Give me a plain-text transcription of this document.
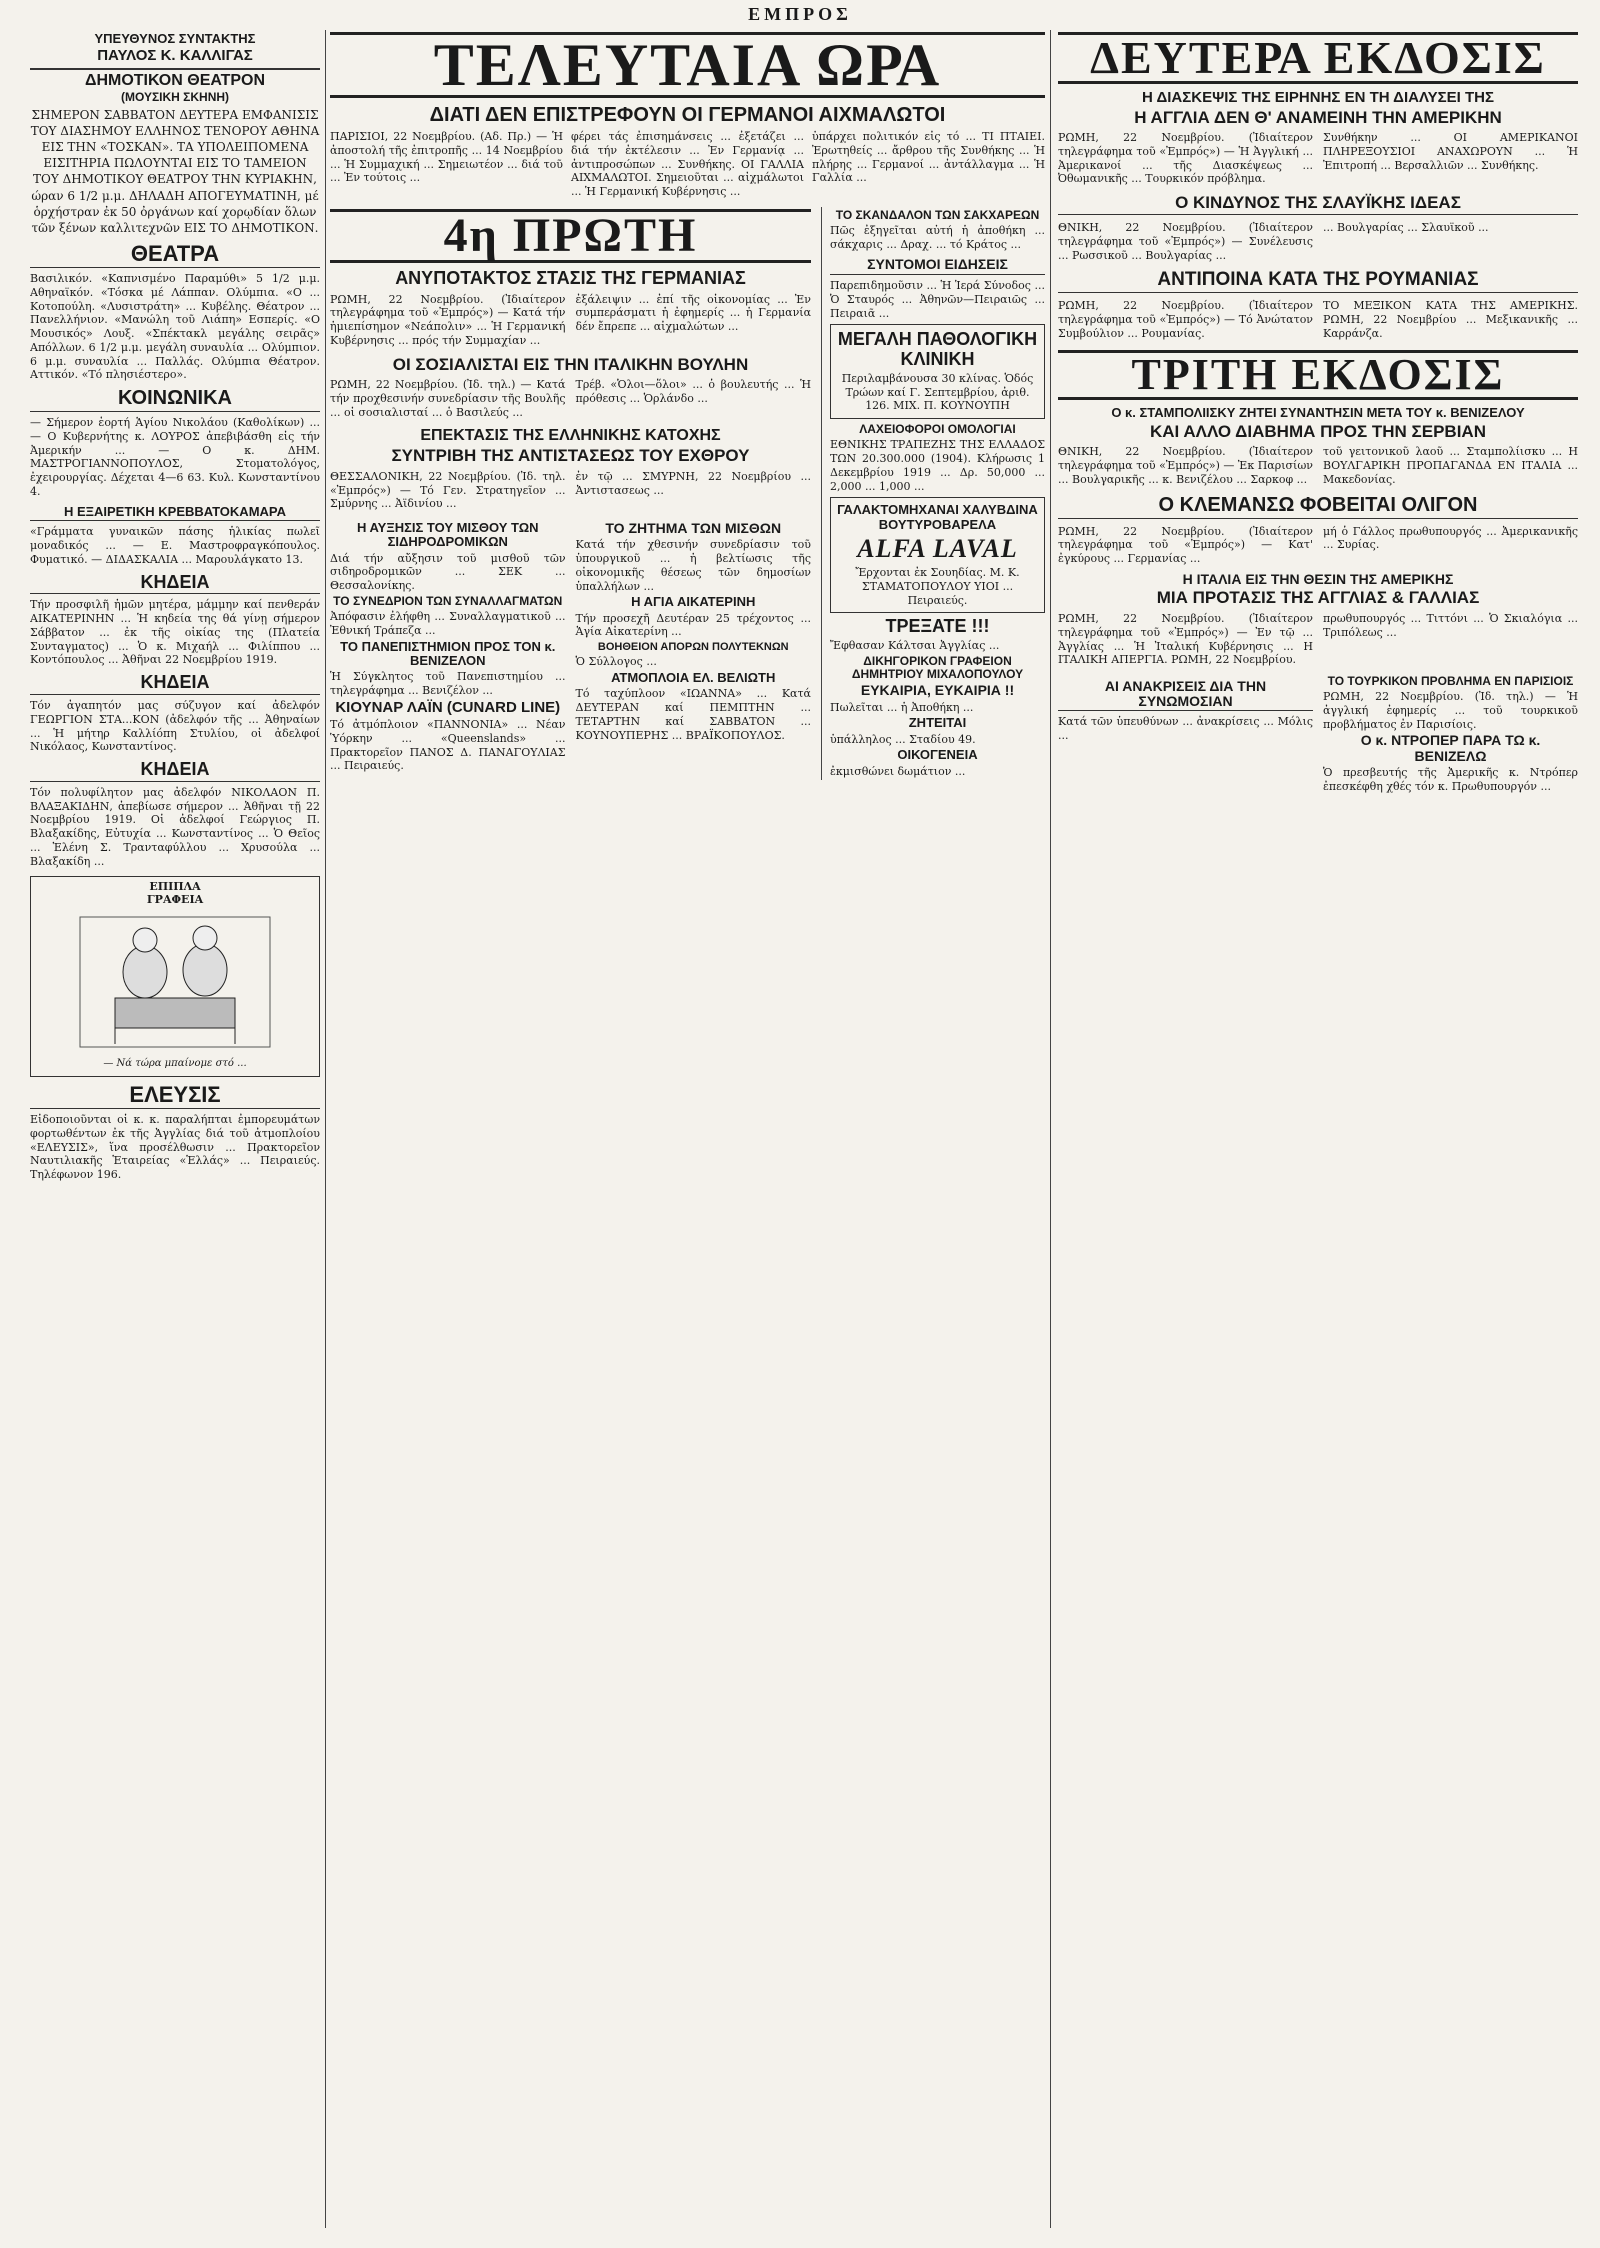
ΕΜΠΡΟΣ
ΥΠΕΥΘΥΝΟΣ ΣΥΝΤΑΚΤΗΣ
ΠΑΥΛΟΣ Κ. ΚΑΛΛΙΓΑΣ
ΔΗΜΟΤΙΚΟΝ ΘΕΑΤΡΟΝ
(ΜΟΥΣΙΚΗ ΣΚΗΝΗ)
ΣΗΜΕΡΟΝ ΣΑΒΒΑΤΟΝ ΔΕΥΤΕΡΑ ΕΜΦΑΝΙΣΙΣ ΤΟΥ ΔΙΑΣΗΜΟΥ ΕΛΛΗΝΟΣ ΤΕΝΟΡΟΥ ΑΘΗΝΑ ΕΙΣ ΤΗΝ «ΤΟΣΚΑΝ». ΤΑ ΥΠΟΛΕΙΠΟΜΕΝΑ ΕΙΣΙΤΗΡΙΑ ΠΩΛΟΥΝΤΑΙ ΕΙΣ ΤΟ ΤΑΜΕΙΟΝ ΤΟΥ ΔΗΜΟΤΙΚΟΥ ΘΕΑΤΡΟΥ ΤΗΝ ΚΥΡΙΑΚΗΝ, ώραν 6 1/2 μ.μ. ΔΗΛΑΔΗ ΑΠΟΓΕΥΜΑΤΙΝΗ, μέ ὁρχήστραν ἐκ 50 ὀργάνων καί χορῳδίαν ὅλων τῶν ξένων καλλιτεχνῶν ΕΙΣ ΤΟ ΔΗΜΟΤΙΚΟΝ.
ΘΕΑΤΡΑ
Βασιλικόν. «Καπνισμένο Παραμύθι» 5 1/2 μ.μ. Αθηναϊκόν. «Τόσκα μέ Λάππαν. Ολύμπια. «Ο ... Κοτοπούλη. «Λυσιστράτη» ... Κυβέλης. Θέατρον ... Πανελλήνιον. «Μανώλη τοῦ Λιάπη» Εσπερίς. «Ο Μουσικός» Λουξ. «Σπέκτακλ μεγάλης σειρᾶς» Απόλλων. 6 1/2 μ.μ. μεγάλη συναυλία ... Ολύμπιον. 6 μ.μ. συναυλία ... Παλλάς. Ολύμπια Θέατρον. Αττικόν. «Τό πλησιέστερο».
ΚΟΙΝΩΝΙΚΑ
— Σήμερον ἑορτή Ἁγίου Νικολάου (Καθολίκων) ... — Ο Κυβερνήτης κ. ΛΟΥΡΟΣ ἀπεβιβάσθη εἰς τήν Ἀμερικήν ... — Ο κ. ΔΗΜ. ΜΑΣΤΡΟΓΙΑΝΝΟΠΟΥΛΟΣ, Στοματολόγος, ἐχειρουργίας. Δέχεται 4—6 63. Κυλ. Κωνσταντίνου 4.
Η ΕΞΑΙΡΕΤΙΚΗ ΚΡΕΒΒΑΤΟΚΑΜΑΡΑ
«Γράμματα γυναικῶν πάσης ἡλικίας πωλεῖ μοναδικός ... — Ε. Μαστροφραγκόπουλος. Φυματικό. — ΔΙΔΑΣΚΑΛΙΑ ... Μαρουλάγκατο 13.
ΚΗΔΕΙΑ
Τήν προσφιλῆ ἡμῶν μητέρα, μάμμην καί πενθεράν ΑΙΚΑΤΕΡΙΝΗΝ ... Ἡ κηδεία της θά γίνῃ σήμερον Σάββατον ... ἐκ τῆς οἰκίας της (Πλατεία Συνταγματος) ... Ὁ κ. Μιχαήλ ... Φιλίππου ... Κοντόπουλος ... Ἀθῆναι 22 Νοεμβρίου 1919.
ΚΗΔΕΙΑ
Τόν ἀγαπητόν μας σύζυγον καί ἀδελφόν ΓΕΩΡΓΙΟΝ ΣΤΑ...ΚΟΝ (ἀδελφόν τῆς ... Ἀθηναίων ... Ἡ μήτηρ Καλλίόπη Στυλίου, οἱ ἀδελφοί Νικόλαος, Κωνσταντίνος.
ΚΗΔΕΙΑ
Τόν πολυφίλητον μας ἀδελφόν ΝΙΚΟΛΑΟΝ Π. ΒΛΑΞΑΚΙΔΗΝ, ἀπεβίωσε σήμερον ... Ἀθῆναι τῇ 22 Νοεμβρίου 1919. Οἱ ἀδελφοί Γεώργιος Π. Βλαξακίδης, Εὐτυχία ... Κωνσταντίνος ... Ὁ Θεῖος ... Ἑλένη Σ. Τρανταφύλλου ... Χρυσούλα ... Βλαξακίδη ...
ΕΠΙΠΛΑ
ΓΡΑΦΕΙΑ
— Νά τώρα μπαίνομε στό ...
ΕΛΕΥΣΙΣ
Εἰδοποιοῦνται οἱ κ. κ. παραλήπται ἐμπορευμάτων φορτωθέντων ἐκ τῆς Ἀγγλίας διά τοῦ ἀτμοπλοίου «ΕΛΕΥΣΙΣ», ἵνα προσέλθωσιν ... Πρακτορεῖον Ναυτιλιακῆς Ἑταιρείας «Ἑλλάς» ... Πειραιεύς. Τηλέφωνον 196.
ΤΕΛΕΥΤΑΙΑ ΩΡΑ
ΔΙΑΤΙ ΔΕΝ ΕΠΙΣΤΡΕΦΟΥΝ ΟΙ ΓΕΡΜΑΝΟΙ ΑΙΧΜΑΛΩΤΟΙ
ΠΑΡΙΣΙΟΙ, 22 Νοεμβρίου. (Αδ. Πρ.) — Ἡ ἀποστολή τῆς ἐπιτροπῆς ... 14 Νοεμβρίου ... Ἡ Συμμαχική ... Σημειωτέον ... διά τοῦ ... Ἐν τούτοις ...
φέρει τάς ἐπισημάνσεις ... ἐξετάζει ... διά τήν ἐκτέλεσιν ... Ἐν Γερμανίᾳ ... ἀντιπροσώπων ... Συνθήκης. ΟΙ ΓΑΛΛΙΑ ΑΙΧΜΑΛΩΤΟΙ. Σημειοῦται ... αἰχμάλωτοι ... Ἡ Γερμανική Κυβέρνησις ...
ὑπάρχει πολιτικόν εἰς τό ... ΤΙ ΠΤΑΙΕΙ. Ἐρωτηθείς ... ἄρθρου τῆς Συνθήκης ... Ἡ πλήρης ... Γερμανοί ... ἀντάλλαγμα ... Ἡ Γαλλία ...
4η ΠΡΩΤΗ
ΑΝΥΠΟΤΑΚΤΟΣ ΣΤΑΣΙΣ ΤΗΣ ΓΕΡΜΑΝΙΑΣ
ΡΩΜΗ, 22 Νοεμβρίου. (Ἰδιαίτερον τηλεγράφημα τοῦ «Ἐμπρός») — Κατά τήν ἡμιεπίσημον «Νεάπολιν» ... Ἡ Γερμανική Κυβέρνησις ... πρός τήν Συμμαχίαν ...
ἐξάλειψιν ... ἐπί τῆς οἰκονομίας ... Ἐν συμπεράσματι ἡ ἐφημερίς ... ἡ Γερμανία δέν ἔπρεπε ... αἰχμαλώτων ...
ΟΙ ΣΟΣΙΑΛΙΣΤΑΙ ΕΙΣ ΤΗΝ ΙΤΑΛΙΚΗΝ ΒΟΥΛΗΝ
ΡΩΜΗ, 22 Νοεμβρίου. (Ἰδ. τηλ.) — Κατά τήν προχθεσινήν συνεδρίασιν τῆς Βουλῆς ... οἱ σοσιαλισταί ... ὁ Βασιλεύς ...
Τρέβ. «Ὁλοι—ὅλοι» ... ὁ βουλευτής ... Ἡ πρόθεσις ... Ὁρλάνδο ...
ΕΠΕΚΤΑΣΙΣ ΤΗΣ ΕΛΛΗΝΙΚΗΣ ΚΑΤΟΧΗΣ
ΣΥΝΤΡΙΒΗ ΤΗΣ ΑΝΤΙΣΤΑΣΕΩΣ ΤΟΥ ΕΧΘΡΟΥ
ΘΕΣΣΑΛΟΝΙΚΗ, 22 Νοεμβρίου. (Ἰδ. τηλ. «Ἐμπρός») — Τό Γεν. Στρατηγεῖον ... Σμύρνης ... Ἀϊδινίου ...
ἐν τῷ ... ΣΜΥΡΝΗ, 22 Νοεμβρίου ... Ἀντιστασεως ...
Η ΑΥΞΗΣΙΣ ΤΟΥ ΜΙΣΘΟΥ ΤΩΝ ΣΙΔΗΡΟΔΡΟΜΙΚΩΝ
Διά τήν αὔξησιν τοῦ μισθοῦ τῶν σιδηροδρομικῶν ... ΣΕΚ ... Θεσσαλονίκης.
ΤΟ ΣΥΝΕΔΡΙΟΝ ΤΩΝ ΣΥΝΑΛΛΑΓΜΑΤΩΝ
Ἀπόφασιν ἐλήφθη ... Συναλλαγματικοῦ ... Ἐθνική Τράπεζα ...
ΤΟ ΠΑΝΕΠΙΣΤΗΜΙΟΝ ΠΡΟΣ ΤΟΝ κ. ΒΕΝΙΖΕΛΟΝ
Ἡ Σύγκλητος τοῦ Πανεπιστημίου ... τηλεγράφημα ... Βενιζέλον ...
ΚΙΟΥΝΑΡ ΛΑΪΝ (CUNARD LINE)
Τό ἀτμόπλοιον «ΠΑΝΝΟΝΙΑ» ... Νέαν Ὑόρκην ... «Queenslands» ... Πρακτορεῖον ΠΑΝΟΣ Δ. ΠΑΝΑΓΟΥΛΙΑΣ ... Πειραιεύς.
ΤΟ ΖΗΤΗΜΑ ΤΩΝ ΜΙΣΘΩΝ
Κατά τήν χθεσινήν συνεδρίασιν τοῦ ὑπουργικοῦ ... ἡ βελτίωσις τῆς οἰκονομικῆς θέσεως τῶν δημοσίων ὑπαλλήλων ...
Η ΑΓΙΑ ΑΙΚΑΤΕΡΙΝΗ
Τήν προσεχῆ Δευτέραν 25 τρέχοντος ... Ἁγία Αἰκατερίνη ...
ΒΟΗΘΕΙΟΝ ΑΠΟΡΩΝ ΠΟΛΥΤΕΚΝΩΝ
Ὁ Σύλλογος ...
ΑΤΜΟΠΛΟΙΑ ΕΛ. ΒΕΛΙΩΤΗ
Τό ταχύπλοον «ΙΩΑΝΝΑ» ... Κατά ΔΕΥΤΕΡΑΝ καί ΠΕΜΠΤΗΝ ... ΤΕΤΑΡΤΗΝ καί ΣΑΒΒΑΤΟΝ ... ΚΟΥΝΟΥΠΕΡΗΣ ... ΒΡΑΪΚΟΠΟΥΛΟΣ.
ΤΟ ΣΚΑΝΔΑΛΟΝ ΤΩΝ ΣΑΚΧΑΡΕΩΝ
Πῶς ἐξηγεῖται αὐτή ἡ ἀποθήκη ... σάκχαρις ... Δραχ. ... τό Κράτος ...
ΣΥΝΤΟΜΟΙ ΕΙΔΗΣΕΙΣ
Παρεπιδημοῦσιν ... Ἡ Ἱερά Σύνοδος ... Ὁ Σταυρός ... Ἀθηνῶν—Πειραιῶς ... Πειραιᾶ ...
ΜΕΓΑΛΗ ΠΑΘΟΛΟΓΙΚΗ ΚΛΙΝΙΚΗ
Περιλαμβάνουσα 30 κλίνας. Ὁδός Τρώων καί Γ. Σεπτεμβρίου, ἀριθ. 126. ΜΙΧ. Π. ΚΟΥΝΟΥΠΗ
ΛΑΧΕΙΟΦΟΡΟΙ ΟΜΟΛΟΓΙΑΙ
ΕΘΝΙΚΗΣ ΤΡΑΠΕΖΗΣ ΤΗΣ ΕΛΛΑΔΟΣ ΤΩΝ 20.300.000 (1904). Κλήρωσις 1 Δεκεμβρίου 1919 ... Δρ. 50,000 ... 2,000 ... 1,000 ...
ΓΑΛΑΚΤΟΜΗΧΑΝΑΙ ΧΑΛΥΒΔΙΝΑ ΒΟΥΤΥΡΟΒΑΡΕΛΑ
ALFA LAVAL
Ἔρχονται ἐκ Σουηδίας. Μ. Κ. ΣΤΑΜΑΤΟΠΟΥΛΟΥ ΥΙΟΙ ... Πειραιεύς.
ΤΡΕΞΑΤΕ !!!
Ἔφθασαν Κάλτσαι Ἀγγλίας ...
ΔΙΚΗΓΟΡΙΚΟΝ ΓΡΑΦΕΙΟΝ ΔΗΜΗΤΡΙΟΥ ΜΙΧΑΛΟΠΟΥΛΟΥ
ΕΥΚΑΙΡΙΑ, ΕΥΚΑΙΡΙΑ !!
Πωλεῖται ... ἡ Ἀποθήκη ...
ΖΗΤΕΙΤΑΙ
ὑπάλληλος ... Σταδίου 49.
ΟΙΚΟΓΕΝΕΙΑ
ἐκμισθώνει δωμάτιον ...
ΔΕΥΤΕΡΑ ΕΚΔΟΣΙΣ
Η ΔΙΑΣΚΕΨΙΣ ΤΗΣ ΕΙΡΗΝΗΣ ΕΝ ΤΗ ΔΙΑΛΥΣΕΙ ΤΗΣ
Η ΑΓΓΛΙΑ ΔΕΝ Θ' ΑΝΑΜΕΙΝΗ ΤΗΝ ΑΜΕΡΙΚΗΝ
ΡΩΜΗ, 22 Νοεμβρίου. (Ἰδιαίτερον τηλεγράφημα τοῦ «Ἐμπρός») — Ἡ Ἀγγλική ... Ἀμερικανοί ... τῆς Διασκέψεως ... Ὀθωμανικῆς ... Τουρκικόν πρόβλημα.
Συνθήκην ... ΟΙ ΑΜΕΡΙΚΑΝΟΙ ΠΛΗΡΕΞΟΥΣΙΟΙ ΑΝΑΧΩΡΟΥΝ ... Ἡ Ἐπιτροπή ... Βερσαλλιῶν ... Συνθήκης.
Ο ΚΙΝΔΥΝΟΣ ΤΗΣ ΣΛΑΥΪΚΗΣ ΙΔΕΑΣ
ΘΝΙΚΗ, 22 Νοεμβρίου. (Ἰδιαίτερον τηλεγράφημα τοῦ «Ἐμπρός») — Συνέλευσις ... Ρωσσικοῦ ... Βουλγαρίας ...
... Βουλγαρίας ... Σλαυϊκοῦ ...
ΑΝΤΙΠΟΙΝΑ ΚΑΤΑ ΤΗΣ ΡΟΥΜΑΝΙΑΣ
ΡΩΜΗ, 22 Νοεμβρίου. (Ἰδιαίτερον τηλεγράφημα τοῦ «Ἐμπρός») — Τό Ἀνώτατον Συμβούλιον ... Ρουμανίας.
ΤΟ ΜΕΞΙΚΟΝ ΚΑΤΑ ΤΗΣ ΑΜΕΡΙΚΗΣ. ΡΩΜΗ, 22 Νοεμβρίου ... Μεξικανικῆς ... Καρράνζα.
ΤΡΙΤΗ ΕΚΔΟΣΙΣ
Ο κ. ΣΤΑΜΠΟΛΙΙΣΚΥ ΖΗΤΕΙ ΣΥΝΑΝΤΗΣΙΝ ΜΕΤΑ ΤΟΥ κ. ΒΕΝΙΖΕΛΟΥ
ΚΑΙ ΑΛΛΟ ΔΙΑΒΗΜΑ ΠΡΟΣ ΤΗΝ ΣΕΡΒΙΑΝ
ΘΝΙΚΗ, 22 Νοεμβρίου. (Ἰδιαίτερον τηλεγράφημα τοῦ «Ἐμπρός») — Ἐκ Παρισίων ... Βουλγαρικῆς ... κ. Βενιζέλου ... Σαρκοφ ...
τοῦ γειτονικοῦ λαοῦ ... Σταμπολίισκυ ... Η ΒΟΥΛΓΑΡΙΚΗ ΠΡΟΠΑΓΑΝΔΑ ΕΝ ΙΤΑΛΙΑ ... Μακεδονίας.
Ο ΚΛΕΜΑΝΣΩ ΦΟΒΕΙΤΑΙ ΟΛΙΓΟΝ
ΡΩΜΗ, 22 Νοεμβρίου. (Ἰδιαίτερον τηλεγράφημα τοῦ «Ἐμπρός») — Κατ' ἐγκύρους ... Γερμανίας ...
μή ὁ Γάλλος πρωθυπουργός ... Ἀμερικανικῆς ... Συρίας.
Η ΙΤΑΛΙΑ ΕΙΣ ΤΗΝ ΘΕΣΙΝ ΤΗΣ ΑΜΕΡΙΚΗΣ
ΜΙΑ ΠΡΟΤΑΣΙΣ ΤΗΣ ΑΓΓΛΙΑΣ & ΓΑΛΛΙΑΣ
ΡΩΜΗ, 22 Νοεμβρίου. (Ἰδιαίτερον τηλεγράφημα τοῦ «Ἐμπρός») — Ἐν τῷ ... Ἀγγλίας ... Ἡ Ἰταλική Κυβέρνησις ... Η ΙΤΑΛΙΚΗ ΑΠΕΡΓΙΑ. ΡΩΜΗ, 22 Νοεμβρίου.
πρωθυπουργός ... Τιττόνι ... Ὁ Σκιαλόγια ... Τριπόλεως ...
ΑΙ ΑΝΑΚΡΙΣΕΙΣ ΔΙΑ ΤΗΝ ΣΥΝΩΜΟΣΙΑΝ
Κατά τῶν ὑπευθύνων ... ἀνακρίσεις ... Μόλις ...
ΤΟ ΤΟΥΡΚΙΚΟΝ ΠΡΟΒΛΗΜΑ ΕΝ ΠΑΡΙΣΙΟΙΣ
ΡΩΜΗ, 22 Νοεμβρίου. (Ἰδ. τηλ.) — Ἡ ἀγγλική ἐφημερίς ... τοῦ τουρκικοῦ προβλήματος ἐν Παρισίοις.
Ο κ. ΝΤΡΟΠΕΡ ΠΑΡΑ ΤΩ κ. ΒΕΝΙΖΕΛΩ
Ὁ πρεσβευτής τῆς Ἀμερικῆς κ. Ντρόπερ ἐπεσκέφθη χθές τόν κ. Πρωθυπουργόν ...
